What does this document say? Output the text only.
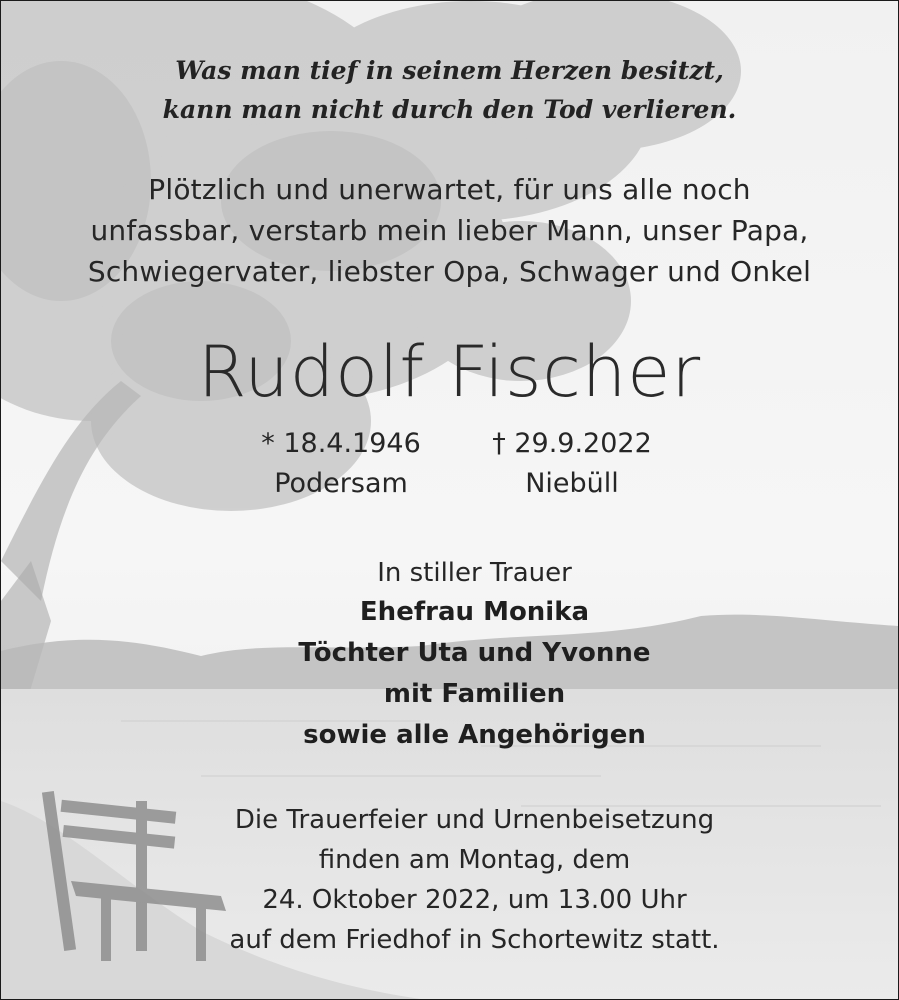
Was man tief in seinem Herzen besitzt,
kann man nicht durch den Tod verlieren.
Plötzlich und unerwartet, für uns alle noch
unfassbar, verstarb mein lieber Mann, unser Papa,
Schwiegervater, liebster Opa, Schwager und Onkel
Rudolf Fischer
* 18.4.1946
Podersam
† 29.9.2022
Niebüll
In stiller Trauer
Ehefrau Monika
Töchter Uta und Yvonne
mit Familien
sowie alle Angehörigen
Die Trauerfeier und Urnenbeisetzung
finden am Montag, dem
24. Oktober 2022, um 13.00 Uhr
auf dem Friedhof in Schortewitz statt.
